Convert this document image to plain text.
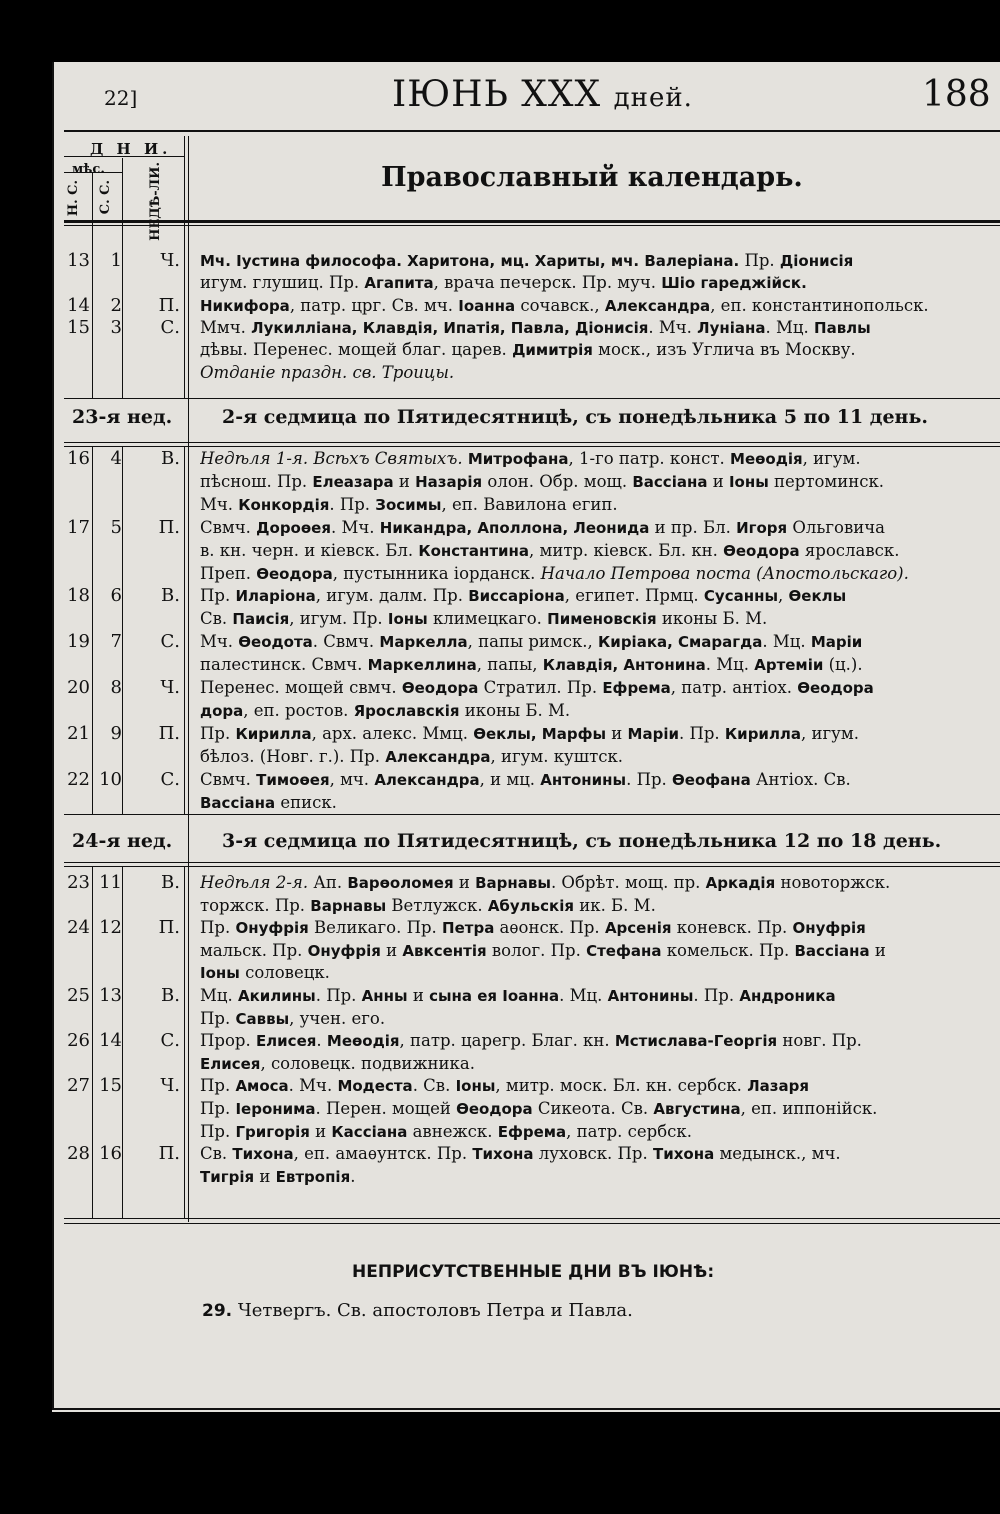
22]	ІЮНЬ XXX дней.	188
Д Н И.
мѣс.
Н. С. С. С.	НЕДѢ-ЛИ.	Православный календарь.
13	1	Ч. Мч. Іустина философа. Харитона, мц. Хариты, мч. Валеріана. Пр. Діонисія
игум. глушиц. Пр. Агапита, врача печерск. Пр. муч. Шіо гареджійск.
14	2	П. Никифора, патр. црг. Св. мч. Іоанна сочавск., Александра, еп. константинопольск.
15	3	С. Ммч. Лукилліана, Клавдія, Ипатія, Павла, Діонисія. Мч. Луніана. Мц. Павлы
дѣвы. Перенес. мощей благ. царев. Димитрія моск., изъ Углича въ Москву.
Отданіе праздн. св. Троицы.
23-я нед.	2-я седмица по Пятидесятницѣ, съ понедѣльника 5 по 11 день.
16	4	В. Недѣля 1-я. Всѣхъ Святыхъ. Митрофана, 1-го патр. конст. Меѳодія, игум.
пѣснош. Пр. Елеазара и Назарія олон. Обр. мощ. Вассіана и Іоны пертоминск.
Мч. Конкордія. Пр. Зосимы, еп. Вавилона егип.
17	5	П. Свмч. Дороѳея. Мч. Никандра, Аполлона, Леонида и пр. Бл. Игоря Ольговича
в. кн. черн. и кіевск. Бл. Константина, митр. кіевск. Бл. кн. Ѳеодора ярославск.
Преп. Ѳеодора, пустынника іорданск. Начало Петрова поста (Апостольскаго).
18	6	В. Пр. Иларіона, игум. далм. Пр. Виссаріона, египет. Прмц. Сусанны, Ѳеклы
Св. Паисія, игум. Пр. Іоны климецкаго. Пименовскія иконы Б. М.
19	7	С. Мч. Ѳеодота. Свмч. Маркелла, папы римск., Киріака, Смарагда. Мц. Маріи
палестинск. Свмч. Маркеллина, папы, Клавдія, Антонина. Мц. Артеміи (ц.).
20	8	Ч. Перенес. мощей свмч. Ѳеодора Стратил. Пр. Ефрема, патр. антіох. Ѳеодора
дора, еп. ростов. Ярославскія иконы Б. М.
21	9	П. Пр. Кирилла, арх. алекс. Ммц. Ѳеклы, Марфы и Маріи. Пр. Кирилла, игум.
бѣлоз. (Новг. г.). Пр. Александра, игум. куштск.
22 10	С. Свмч. Тимоѳея, мч. Александра, и мц. Антонины. Пр. Ѳеофана Антіох. Св.
Вассіана еписк.
24-я нед.	3-я седмица по Пятидесятницѣ, съ понедѣльника 12 по 18 день.
23 11	В. Недѣля 2-я. Ап. Варѳоломея и Варнавы. Обрѣт. мощ. пр. Аркадія новоторжск.
торжск. Пр. Варнавы Ветлужск. Абульскія ик. Б. М.
24 12	П. Пр. Онуфрія Великаго. Пр. Петра аѳонск. Пр. Арсенія коневск. Пр. Онуфрія
мальск. Пр. Онуфрія и Авксентія волог. Пр. Стефана комельск. Пр. Вассіана и
Іоны соловецк.
25 13	В. Мц. Акилины. Пр. Анны и сына ея Іоанна. Мц. Антонины. Пр. Андроника
Пр. Саввы, учен. его.
26 14	С. Прор. Елисея. Меѳодія, патр. царегр. Благ. кн. Мстислава-Георгія новг. Пр.
Елисея, соловецк. подвижника.
27 15	Ч. Пр. Амоса. Мч. Модеста. Св. Іоны, митр. моск. Бл. кн. сербск. Лазаря
Пр. Іеронима. Перен. мощей Ѳеодора Сикеота. Св. Августина, еп. иппонійск.
Пр. Григорія и Кассіана авнежск. Ефрема, патр. сербск.
28 16	П. Св. Тихона, еп. амаѳунтск. Пр. Тихона луховск. Пр. Тихона медынск., мч.
Тигрія и Евтропія.
НЕПРИСУТСТВЕННЫЕ ДНИ ВЪ ІЮНѢ:
29. Четвергъ. Св. апостоловъ Петра и Павла.
